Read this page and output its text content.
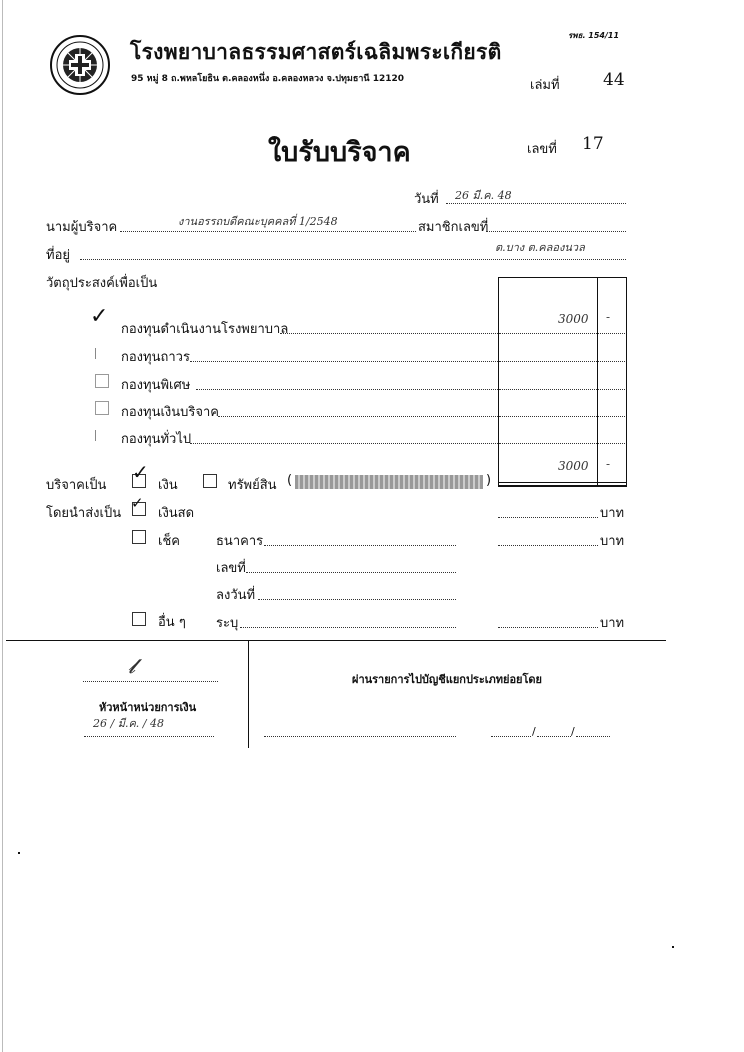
โรงพยาบาลธรรมศาสตร์เฉลิมพระเกียรติ
95 หมู่ 8 ถ.พหลโยธิน ต.คลองหนึ่ง อ.คลองหลวง จ.ปทุมธานี 12120
รพธ. 154/11
เล่มที่	44
ใบรับบริจาค	เลขที่ 17
วันที่ 26 มี.ค. 48
นามผู้บริจาค	งานอรรถบดีคณะบุคคลที่ 1/2548	สมาชิกเลขที่
ที่อยู่
ต.บาง ต.คลองนวล
วัตถุประสงค์เพื่อเป็น
✓
กองทุนดำเนินงานโรงพยาบาล
3000 -
กองทุนถาวร
กองทุนพิเศษ
กองทุนเงินบริจาค
กองทุนทั่วไป
3000 -
บริจาคเป็น
✓
เงิน	ทรัพย์สิน (	)
โดยนำส่งเป็น
✓
เงินสด	บาท
เช็ค	ธนาคาร	บาท
เลขที่
ลงวันที่
อื่น ๆ ระบุ	บาท
𝓵
หัวหน้าหน่วยการเงิน
26 / มี.ค. / 48
ผ่านรายการไปบัญชีแยกประเภทย่อยโดย
/	/
